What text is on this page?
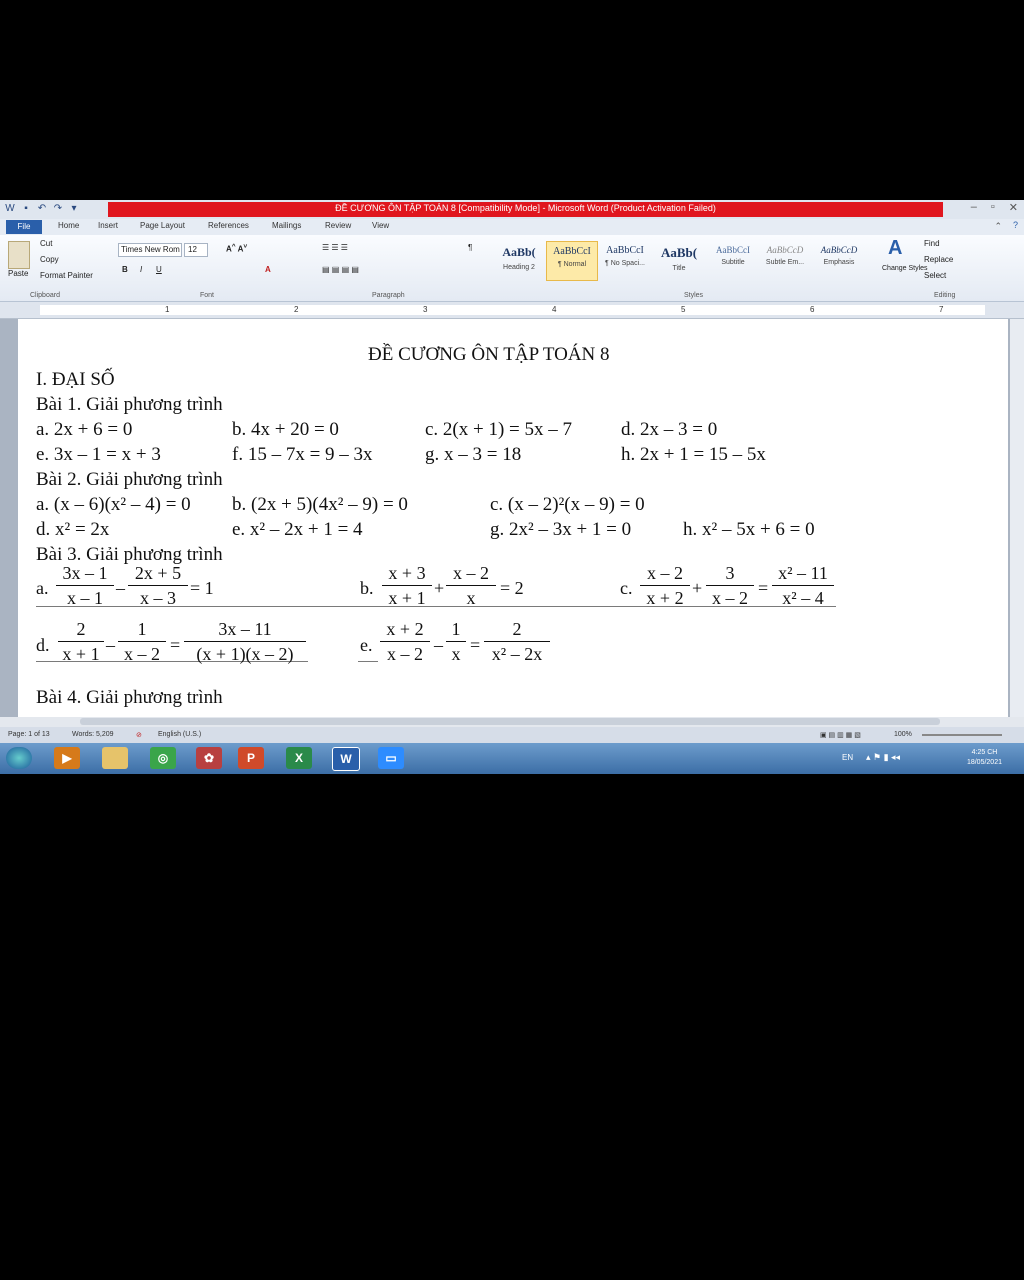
W ▪	↶ ↷ ▾	ĐỀ CƯƠNG ÔN TẬP TOÁN 8 [Compatibility Mode] - Microsoft Word (Product Activation Failed)	– ▫ ✕
File	Home Insert	Page Layout	References	Mailings	Review	View	⌃ ?
Paste
Cut
Copy
Format Painter
Clipboard
Times New Rom 12	A^ A˅
B I U	A
Font
☰ ☰ ☰
▤ ▤ ▤ ▤
¶
Paragraph
AaBb(
Heading 2
AaBbCcI
¶ Normal
AaBbCcI
¶ No Spaci...
AaBb(
Title
AaBbCcI
Subtitle
AaBbCcD
Subtle Em...
AaBbCcD
Emphasis
A
Change Styles
Styles
Find
Replace
Select
Editing
1	2	3	4	5	6	7
ĐỀ CƯƠNG ÔN TẬP TOÁN 8
I. ĐẠI SỐ
Bài 1. Giải phương trình
a. 2x + 6 = 0	b. 4x + 20 = 0	c. 2(x + 1) = 5x – 7	d. 2x – 3 = 0
e. 3x – 1 = x + 3	f. 15 – 7x = 9 – 3x	g. x – 3 = 18	h. 2x + 1 = 15 – 5x
Bài 2. Giải phương trình
a. (x – 6)(x² – 4) = 0 b. (2x + 5)(4x² – 9) = 0	c. (x – 2)²(x – 9) = 0
d. x² = 2x	e. x² – 2x + 1 = 4	g. 2x² – 3x + 1 = 0	h. x² – 5x + 6 = 0
Bài 3. Giải phương trình
a. $\frac{3x - 1}{x - 1} - \frac{2x + 5}{x - 3} = 1$	b. $\frac{x + 3}{x + 1} + \frac{x - 2}{x} = 2$	c. $\frac{x - 2}{x + 2} + \frac{3}{x - 2} = \frac{\text{x² – 11}}{\text{x² – 4}}$
d. $\frac{2}{x + 1} - \frac{1}{x - 2} = \frac{3x - 11}{(x + 1)(x - 2)}$	e. $\frac{x + 2}{x - 2} - \frac{1}{x} = \frac{2}{\text{x² – 2x}}$
Bài 4. Giải phương trình
Page: 1 of 13	Words: 5,209	⊘ English (U.S.)	▣ ▤ ▥ ▦ ▧	100%
▶	◎	✿	P	X	W	▭	EN ▴ ⚑ ▮ ◂◂	4:25 CH
18/05/2021
